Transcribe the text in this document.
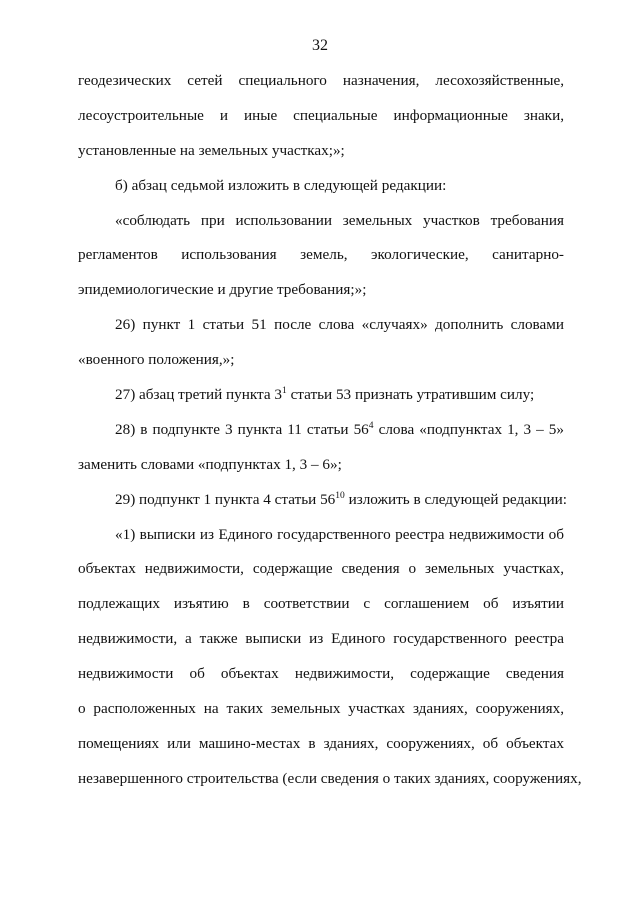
32
геодезических сетей специального назначения, лесохозяйственные,
лесоустроительные и иные специальные информационные знаки,
установленные на земельных участках;»;
б) абзац седьмой изложить в следующей редакции:
«соблюдать при использовании земельных участков требования
регламентов использования земель, экологические, санитарно-
эпидемиологические и другие требования;»;
26) пункт 1 статьи 51 после слова «случаях» дополнить словами
«военного положения,»;
27) абзац третий пункта $3^1$ статьи 53 признать утратившим силу;
28) в подпункте 3 пункта 11 статьи $56^4$ слова «подпунктах 1, 3 – 5»
заменить словами «подпунктах 1, 3 – 6»;
29) подпункт 1 пункта 4 статьи $56^{10}$ изложить в следующей редакции:
«1) выписки из Единого государственного реестра недвижимости об
объектах недвижимости, содержащие сведения о земельных участках,
подлежащих изъятию в соответствии с соглашением об изъятии
недвижимости, а также выписки из Единого государственного реестра
недвижимости об объектах недвижимости, содержащие сведения
о расположенных на таких земельных участках зданиях, сооружениях,
помещениях или машино-местах в зданиях, сооружениях, об объектах
незавершенного строительства (если сведения о таких зданиях, сооружениях,
